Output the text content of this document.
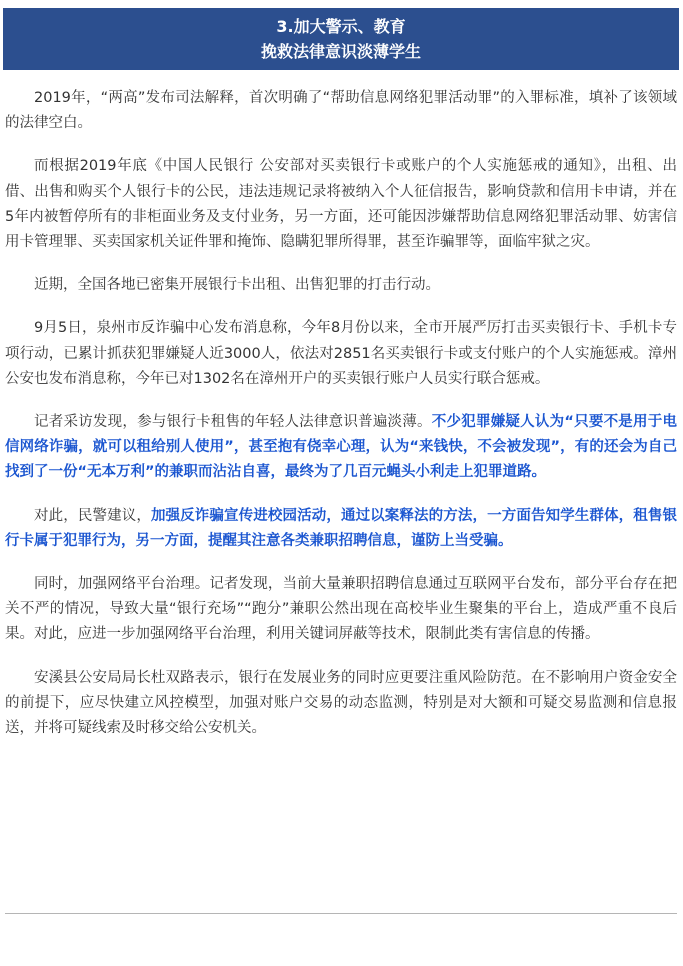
3.加大警示、教育
挽救法律意识淡薄学生

2019年，“两高”发布司法解释，首次明确了“帮助信息网络犯罪活动罪”的入罪标准，填补了该领域的法律空白。

而根据2019年底《中国人民银行 公安部对买卖银行卡或账户的个人实施惩戒的通知》，出租、出借、出售和购买个人银行卡的公民，违法违规记录将被纳入个人征信报告，影响贷款和信用卡申请，并在5年内被暂停所有的非柜面业务及支付业务，另一方面，还可能因涉嫌帮助信息网络犯罪活动罪、妨害信用卡管理罪、买卖国家机关证件罪和掩饰、隐瞒犯罪所得罪，甚至诈骗罪等，面临牢狱之灾。

近期，全国各地已密集开展银行卡出租、出售犯罪的打击行动。

9月5日，泉州市反诈骗中心发布消息称，今年8月份以来，全市开展严厉打击买卖银行卡、手机卡专项行动，已累计抓获犯罪嫌疑人近3000人，依法对2851名买卖银行卡或支付账户的个人实施惩戒。漳州公安也发布消息称，今年已对1302名在漳州开户的买卖银行账户人员实行联合惩戒。

记者采访发现，参与银行卡租售的年轻人法律意识普遍淡薄。不少犯罪嫌疑人认为“只要不是用于电信网络诈骗，就可以租给别人使用”，甚至抱有侥幸心理，认为“来钱快，不会被发现”，有的还会为自己找到了一份“无本万利”的兼职而沾沾自喜，最终为了几百元蝇头小利走上犯罪道路。

对此，民警建议，加强反诈骗宣传进校园活动，通过以案释法的方法，一方面告知学生群体，租售银行卡属于犯罪行为，另一方面，提醒其注意各类兼职招聘信息，谨防上当受骗。

同时，加强网络平台治理。记者发现，当前大量兼职招聘信息通过互联网平台发布，部分平台存在把关不严的情况，导致大量“银行充场”“跑分”兼职公然出现在高校毕业生聚集的平台上，造成严重不良后果。对此，应进一步加强网络平台治理，利用关键词屏蔽等技术，限制此类有害信息的传播。

安溪县公安局局长杜双路表示，银行在发展业务的同时应更要注重风险防范。在不影响用户资金安全的前提下，应尽快建立风控模型，加强对账户交易的动态监测，特别是对大额和可疑交易监测和信息报送，并将可疑线索及时移交给公安机关。
